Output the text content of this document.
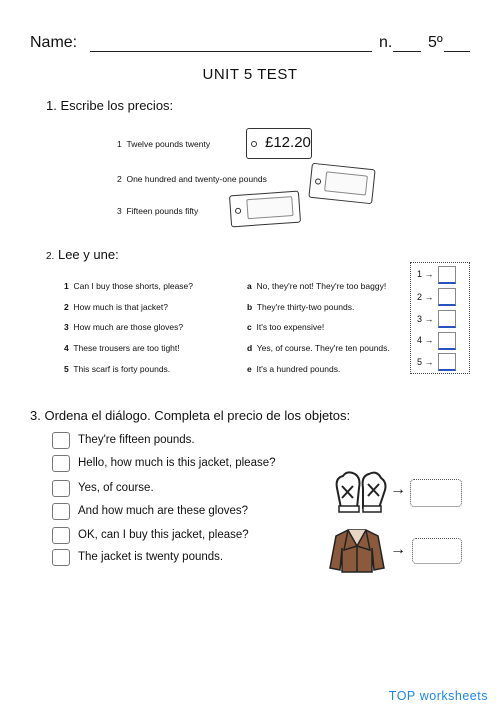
Name:	n. 5º
UNIT 5 TEST
1. Escribe los precios:
1 Twelve pounds twenty	£12.20
2 One hundred and twenty-one pounds
3 Fifteen pounds fifty
2. Lee y une:
1 Can I buy those shorts, please?
2 How much is that jacket?
3 How much are those gloves?
4 These trousers are too tight!
5 This scarf is forty pounds.
a No, they're not! They're too baggy!
b They're thirty-two pounds.
c It's too expensive!
d Yes, of course. They're ten pounds.
e It's a hundred pounds.
1 →
2 →
3 →
4 →
5 →
3. Ordena el diálogo. Completa el precio de los objetos:
They're fifteen pounds.
Hello, how much is this jacket, please?
Yes, of course.
And how much are these gloves?
OK, can I buy this jacket, please?
The jacket is twenty pounds.
→
→
TOP worksheets
